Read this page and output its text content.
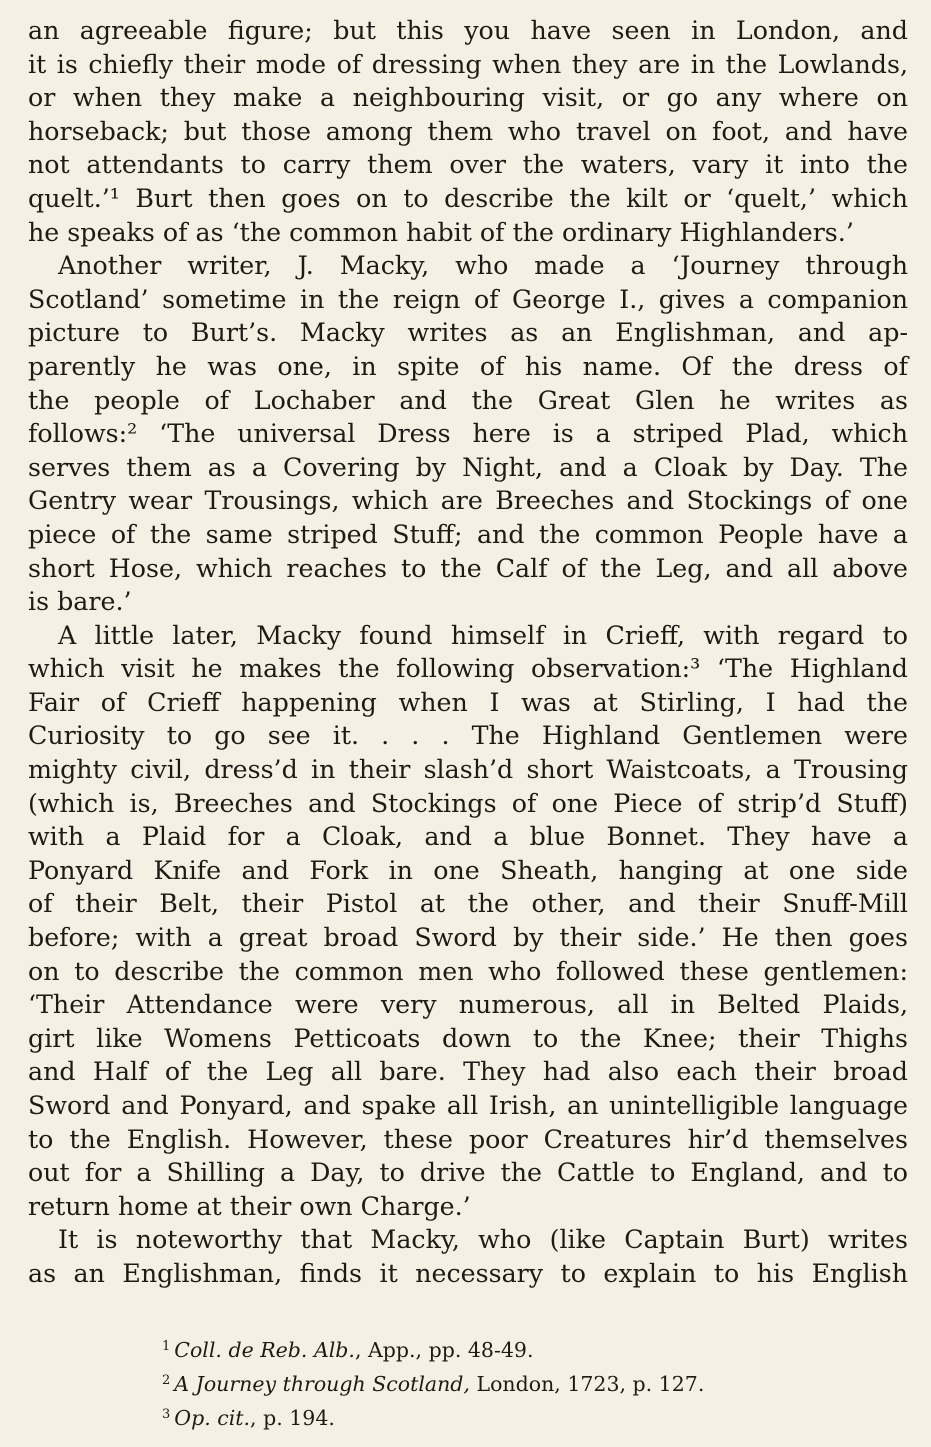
an agreeable figure; but this you have seen in London, and
it is chiefly their mode of dressing when they are in the Lowlands,
or when they make a neighbouring visit, or go any where on
horseback; but those among them who travel on foot, and have
not attendants to carry them over the waters, vary it into the
quelt.’¹ Burt then goes on to describe the kilt or ‘quelt,’ which
he speaks of as ‘the common habit of the ordinary Highlanders.’
Another writer, J. Macky, who made a ‘Journey through
Scotland’ sometime in the reign of George I., gives a companion
picture to Burt’s. Macky writes as an Englishman, and ap-
parently he was one, in spite of his name. Of the dress of
the people of Lochaber and the Great Glen he writes as
follows:² ‘The universal Dress here is a striped Plad, which
serves them as a Covering by Night, and a Cloak by Day. The
Gentry wear Trousings, which are Breeches and Stockings of one
piece of the same striped Stuff; and the common People have a
short Hose, which reaches to the Calf of the Leg, and all above
is bare.’
A little later, Macky found himself in Crieff, with regard to
which visit he makes the following observation:³ ‘The Highland
Fair of Crieff happening when I was at Stirling, I had the
Curiosity to go see it. . . . The Highland Gentlemen were
mighty civil, dress’d in their slash’d short Waistcoats, a Trousing
(which is, Breeches and Stockings of one Piece of strip’d Stuff)
with a Plaid for a Cloak, and a blue Bonnet. They have a
Ponyard Knife and Fork in one Sheath, hanging at one side
of their Belt, their Pistol at the other, and their Snuff-Mill
before; with a great broad Sword by their side.’ He then goes
on to describe the common men who followed these gentlemen:
‘Their Attendance were very numerous, all in Belted Plaids,
girt like Womens Petticoats down to the Knee; their Thighs
and Half of the Leg all bare. They had also each their broad
Sword and Ponyard, and spake all Irish, an unintelligible language
to the English. However, these poor Creatures hir’d themselves
out for a Shilling a Day, to drive the Cattle to England, and to
return home at their own Charge.’
It is noteworthy that Macky, who (like Captain Burt) writes
as an Englishman, finds it necessary to explain to his English
$^1$ Coll. de Reb. Alb., App., pp. 48-49.
$^2$ A Journey through Scotland, London, 1723, p. 127.
$^3$ Op. cit., p. 194.
